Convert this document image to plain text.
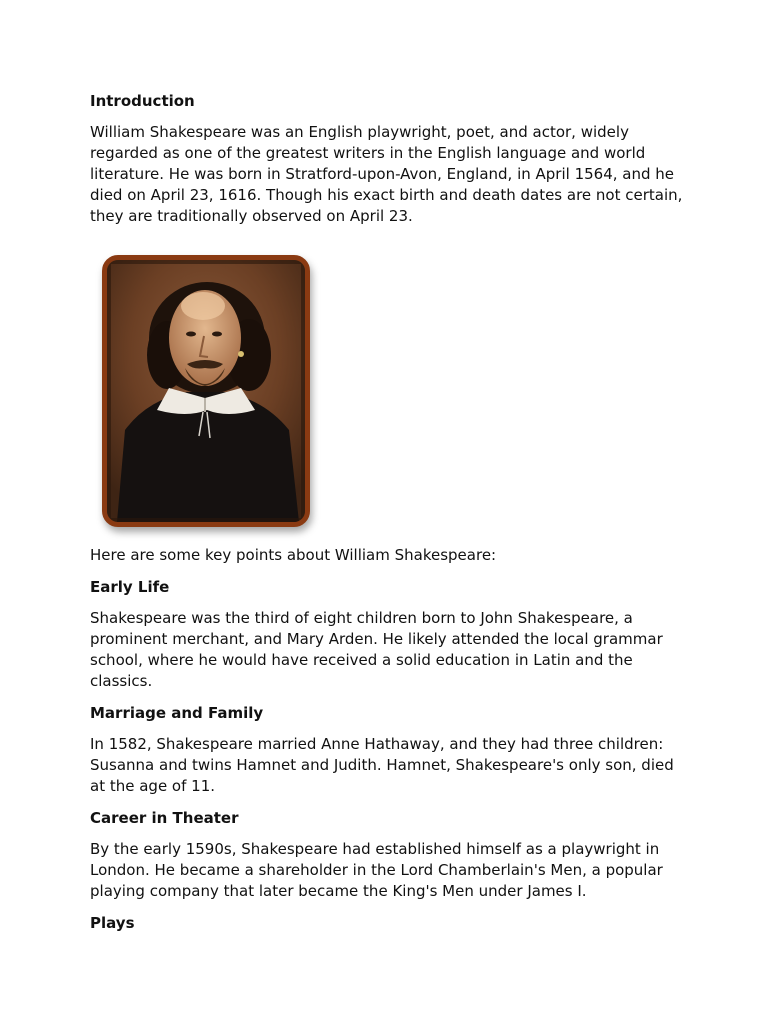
Introduction

William Shakespeare was an English playwright, poet, and actor, widely regarded as one of the greatest writers in the English language and world literature. He was born in Stratford-upon-Avon, England, in April 1564, and he died on April 23, 1616. Though his exact birth and death dates are not certain, they are traditionally observed on April 23.

Here are some key points about William Shakespeare:

Early Life

Shakespeare was the third of eight children born to John Shakespeare, a prominent merchant, and Mary Arden. He likely attended the local grammar school, where he would have received a solid education in Latin and the classics.

Marriage and Family

In 1582, Shakespeare married Anne Hathaway, and they had three children: Susanna and twins Hamnet and Judith. Hamnet, Shakespeare's only son, died at the age of 11.

Career in Theater

By the early 1590s, Shakespeare had established himself as a playwright in London. He became a shareholder in the Lord Chamberlain's Men, a popular playing company that later became the King's Men under James I.

Plays
